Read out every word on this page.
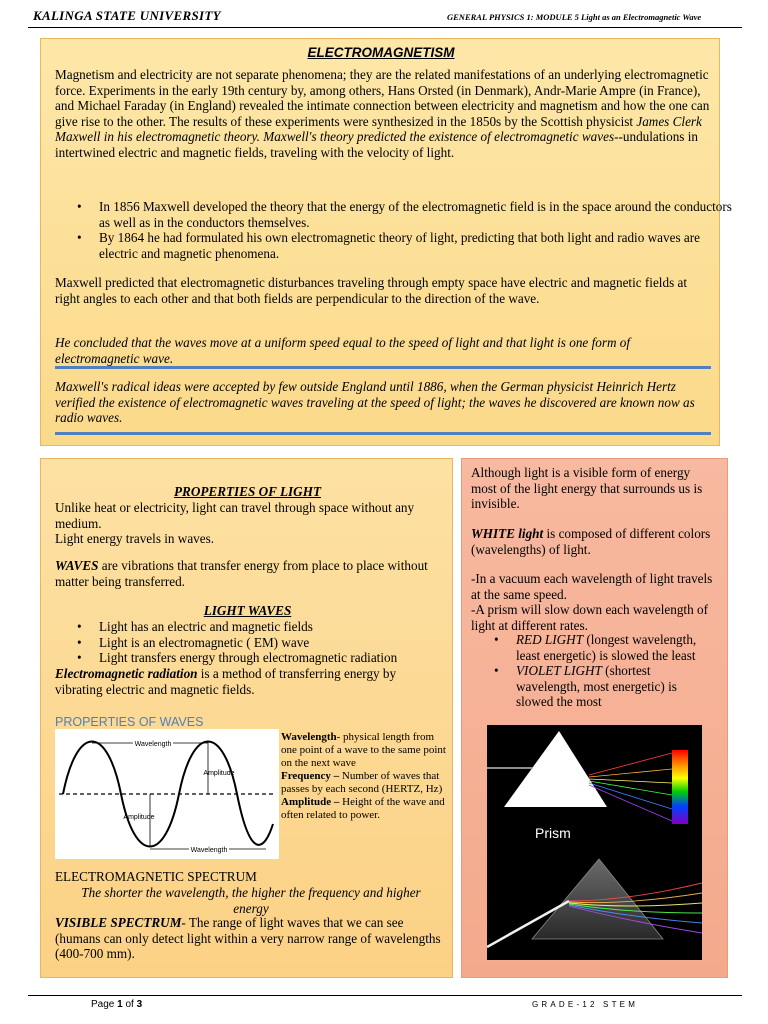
KALINGA STATE UNIVERSITY	GENERAL PHYSICS 1: MODULE 5 Light as an Electromagnetic Wave
ELECTROMAGNETISM
Magnetism and electricity are not separate phenomena; they are the related manifestations of an underlying electromagnetic force. Experiments in the early 19th century by, among others, Hans Orsted (in Denmark), Andr-Marie Ampre (in France), and Michael Faraday (in England) revealed the intimate connection between electricity and magnetism and how the one can give rise to the other. The results of these experiments were synthesized in the 1850s by the Scottish physicist James Clerk Maxwell in his electromagnetic theory. Maxwell's theory predicted the existence of electromagnetic waves--undulations in intertwined electric and magnetic fields, traveling with the velocity of light.
• In 1856 Maxwell developed the theory that the energy of the electromagnetic field is in the space around the conductors as well as in the conductors themselves.
• By 1864 he had formulated his own electromagnetic theory of light, predicting that both light and radio waves are electric and magnetic phenomena.
Maxwell predicted that electromagnetic disturbances traveling through empty space have electric and magnetic fields at right angles to each other and that both fields are perpendicular to the direction of the wave.
He concluded that the waves move at a uniform speed equal to the speed of light and that light is one form of electromagnetic wave.
Maxwell's radical ideas were accepted by few outside England until 1886, when the German physicist Heinrich Hertz verified the existence of electromagnetic waves traveling at the speed of light; the waves he discovered are known now as radio waves.
PROPERTIES OF LIGHT
Unlike heat or electricity, light can travel through space without any medium.
Light energy travels in waves.
WAVES are vibrations that transfer energy from place to place without matter being transferred.
LIGHT WAVES
• Light has an electric and magnetic fields
• Light is an electromagnetic ( EM) wave
• Light transfers energy through electromagnetic radiation
Electromagnetic radiation is a method of transferring energy by vibrating electric and magnetic fields.
PROPERTIES OF WAVES
Wavelength
Wavelength
Amplitude
Amplitude
Wavelength- physical length from one point of a wave to the same point on the next wave
Frequency – Number of waves that passes by each second (HERTZ, Hz)
Amplitude – Height of the wave and often related to power.
ELECTROMAGNETIC SPECTRUM
The shorter the wavelength, the higher the frequency and higher energy
VISIBLE SPECTRUM- The range of light waves that we can see (humans can only detect light within a very narrow range of wavelengths (400-700 mm).
Although light is a visible form of energy most of the light energy that surrounds us is invisible.
WHITE light is composed of different colors (wavelengths) of light.
-In a vacuum each wavelength of light travels at the same speed.
-A prism will slow down each wavelength of light at different rates.
• RED LIGHT (longest wavelength, least energetic) is slowed the least
• VIOLET LIGHT (shortest wavelength, most energetic) is slowed the most
Prism
Page 1 of 3	GRADE-12 STEM
